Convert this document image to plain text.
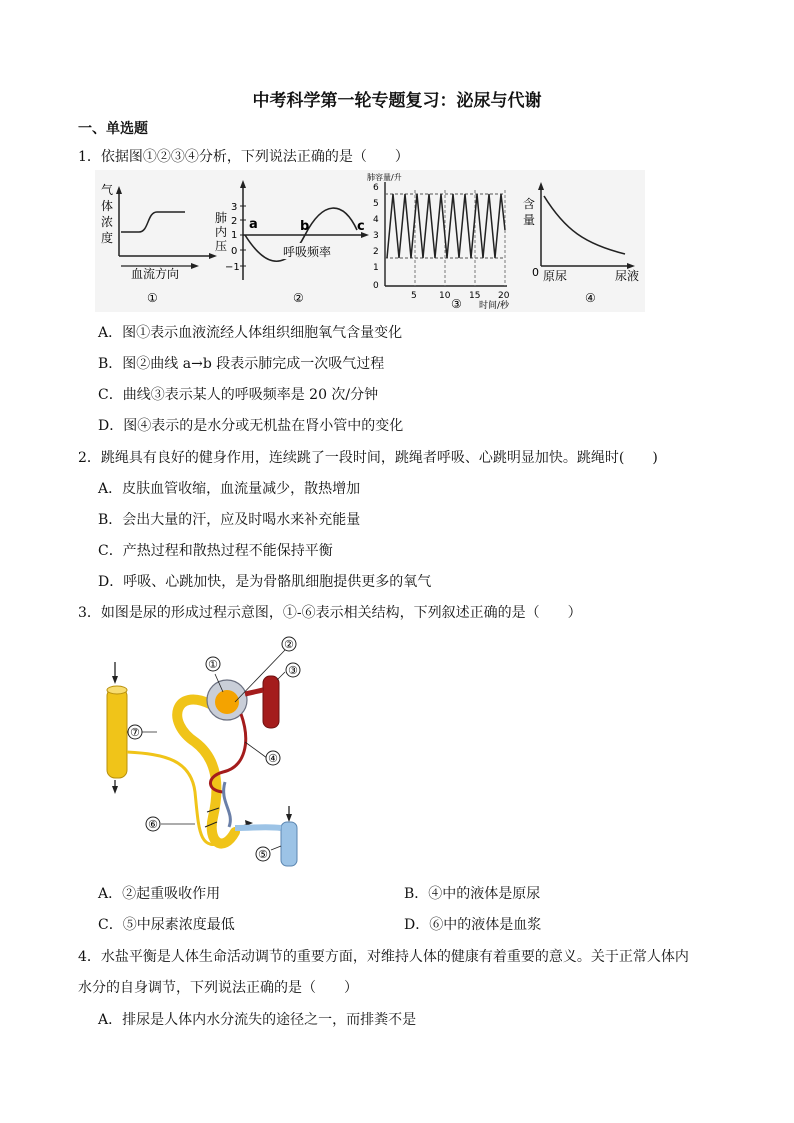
中考科学第一轮专题复习：泌尿与代谢
一、单选题
1．依据图①②③④分析，下列说法正确的是（　　）
气
体
浓
度
血流方向
①
肺
内
压
3
2
1
0
−1
a	b	c
呼吸频率
②
肺容量/升
6
5
4
3
2
1
0
5 10 15 20
时间/秒
③
含
量
0 原尿	尿液
④
A．图①表示血液流经人体组织细胞氧气含量变化
B．图②曲线 a→b 段表示肺完成一次吸气过程
C．曲线③表示某人的呼吸频率是 20 次/分钟
D．图④表示的是水分或无机盐在肾小管中的变化
2．跳绳具有良好的健身作用，连续跳了一段时间，跳绳者呼吸、心跳明显加快。跳绳时(　　)
A．皮肤血管收缩，血流量减少，散热增加
B．会出大量的汗，应及时喝水来补充能量
C．产热过程和散热过程不能保持平衡
D．呼吸、心跳加快，是为骨骼肌细胞提供更多的氧气
3．如图是尿的形成过程示意图，①-⑥表示相关结构，下列叙述正确的是（　　）
⑦
①
②
③
④
⑤
⑥
A．②起重吸收作用	B．④中的液体是原尿
C．⑤中尿素浓度最低	D．⑥中的液体是血浆
4．水盐平衡是人体生命活动调节的重要方面，对维持人体的健康有着重要的意义。关于正常人体内
水分的自身调节，下列说法正确的是（　　）
A．排尿是人体内水分流失的途径之一，而排粪不是
